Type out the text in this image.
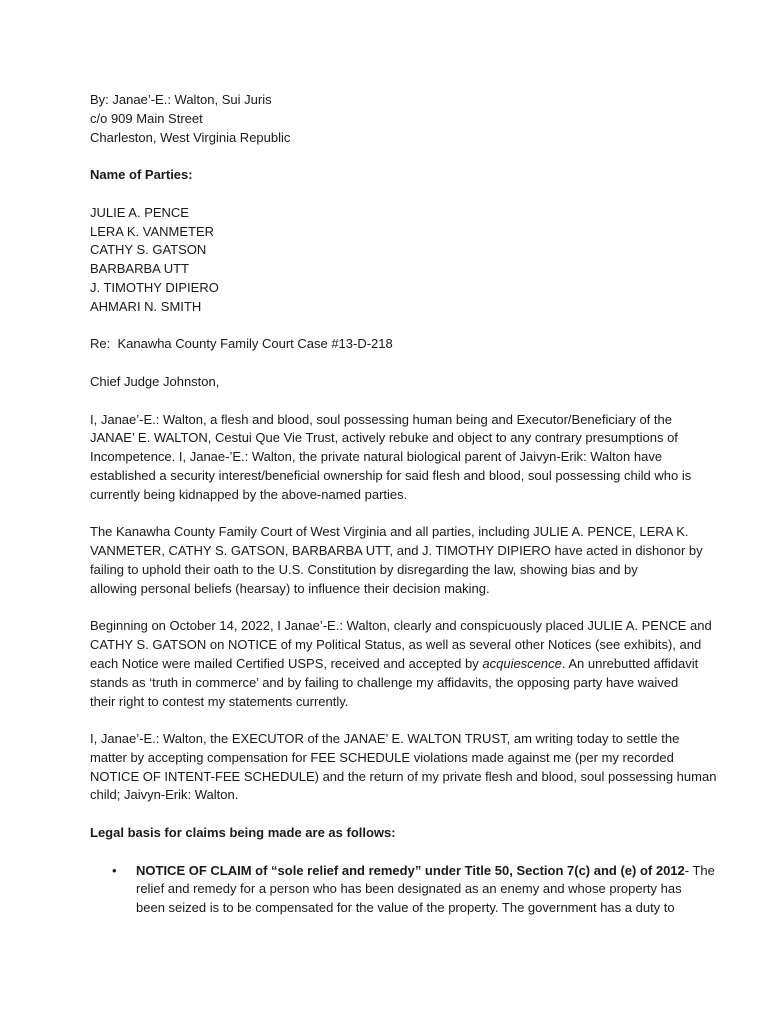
By: Janae’-E.: Walton, Sui Juris
c/o 909 Main Street
Charleston, West Virginia Republic
Name of Parties:
JULIE A. PENCE
LERA K. VANMETER
CATHY S. GATSON
BARBARBA UTT
J. TIMOTHY DIPIERO
AHMARI N. SMITH
Re:  Kanawha County Family Court Case #13-D-218
Chief Judge Johnston,
I, Janae’-E.: Walton, a flesh and blood, soul possessing human being and Executor/Beneficiary of the
JANAE’ E. WALTON, Cestui Que Vie Trust, actively rebuke and object to any contrary presumptions of
Incompetence. I, Janae-’E.: Walton, the private natural biological parent of Jaivyn-Erik: Walton have
established a security interest/beneficial ownership for said flesh and blood, soul possessing child who is
currently being kidnapped by the above-named parties.
The Kanawha County Family Court of West Virginia and all parties, including JULIE A. PENCE, LERA K.
VANMETER, CATHY S. GATSON, BARBARBA UTT, and J. TIMOTHY DIPIERO have acted in dishonor by
failing to uphold their oath to the U.S. Constitution by disregarding the law, showing bias and by
allowing personal beliefs (hearsay) to influence their decision making.
Beginning on October 14, 2022, I Janae’-E.: Walton, clearly and conspicuously placed JULIE A. PENCE and
CATHY S. GATSON on NOTICE of my Political Status, as well as several other Notices (see exhibits), and
each Notice were mailed Certified USPS, received and accepted by acquiescence. An unrebutted affidavit
stands as ‘truth in commerce’ and by failing to challenge my affidavits, the opposing party have waived
their right to contest my statements currently.
I, Janae’-E.: Walton, the EXECUTOR of the JANAE’ E. WALTON TRUST, am writing today to settle the
matter by accepting compensation for FEE SCHEDULE violations made against me (per my recorded
NOTICE OF INTENT-FEE SCHEDULE) and the return of my private flesh and blood, soul possessing human
child; Jaivyn-Erik: Walton.
Legal basis for claims being made are as follows:
• NOTICE OF CLAIM of “sole relief and remedy” under Title 50, Section 7(c) and (e) of 2012- The
relief and remedy for a person who has been designated as an enemy and whose property has
been seized is to be compensated for the value of the property. The government has a duty to
